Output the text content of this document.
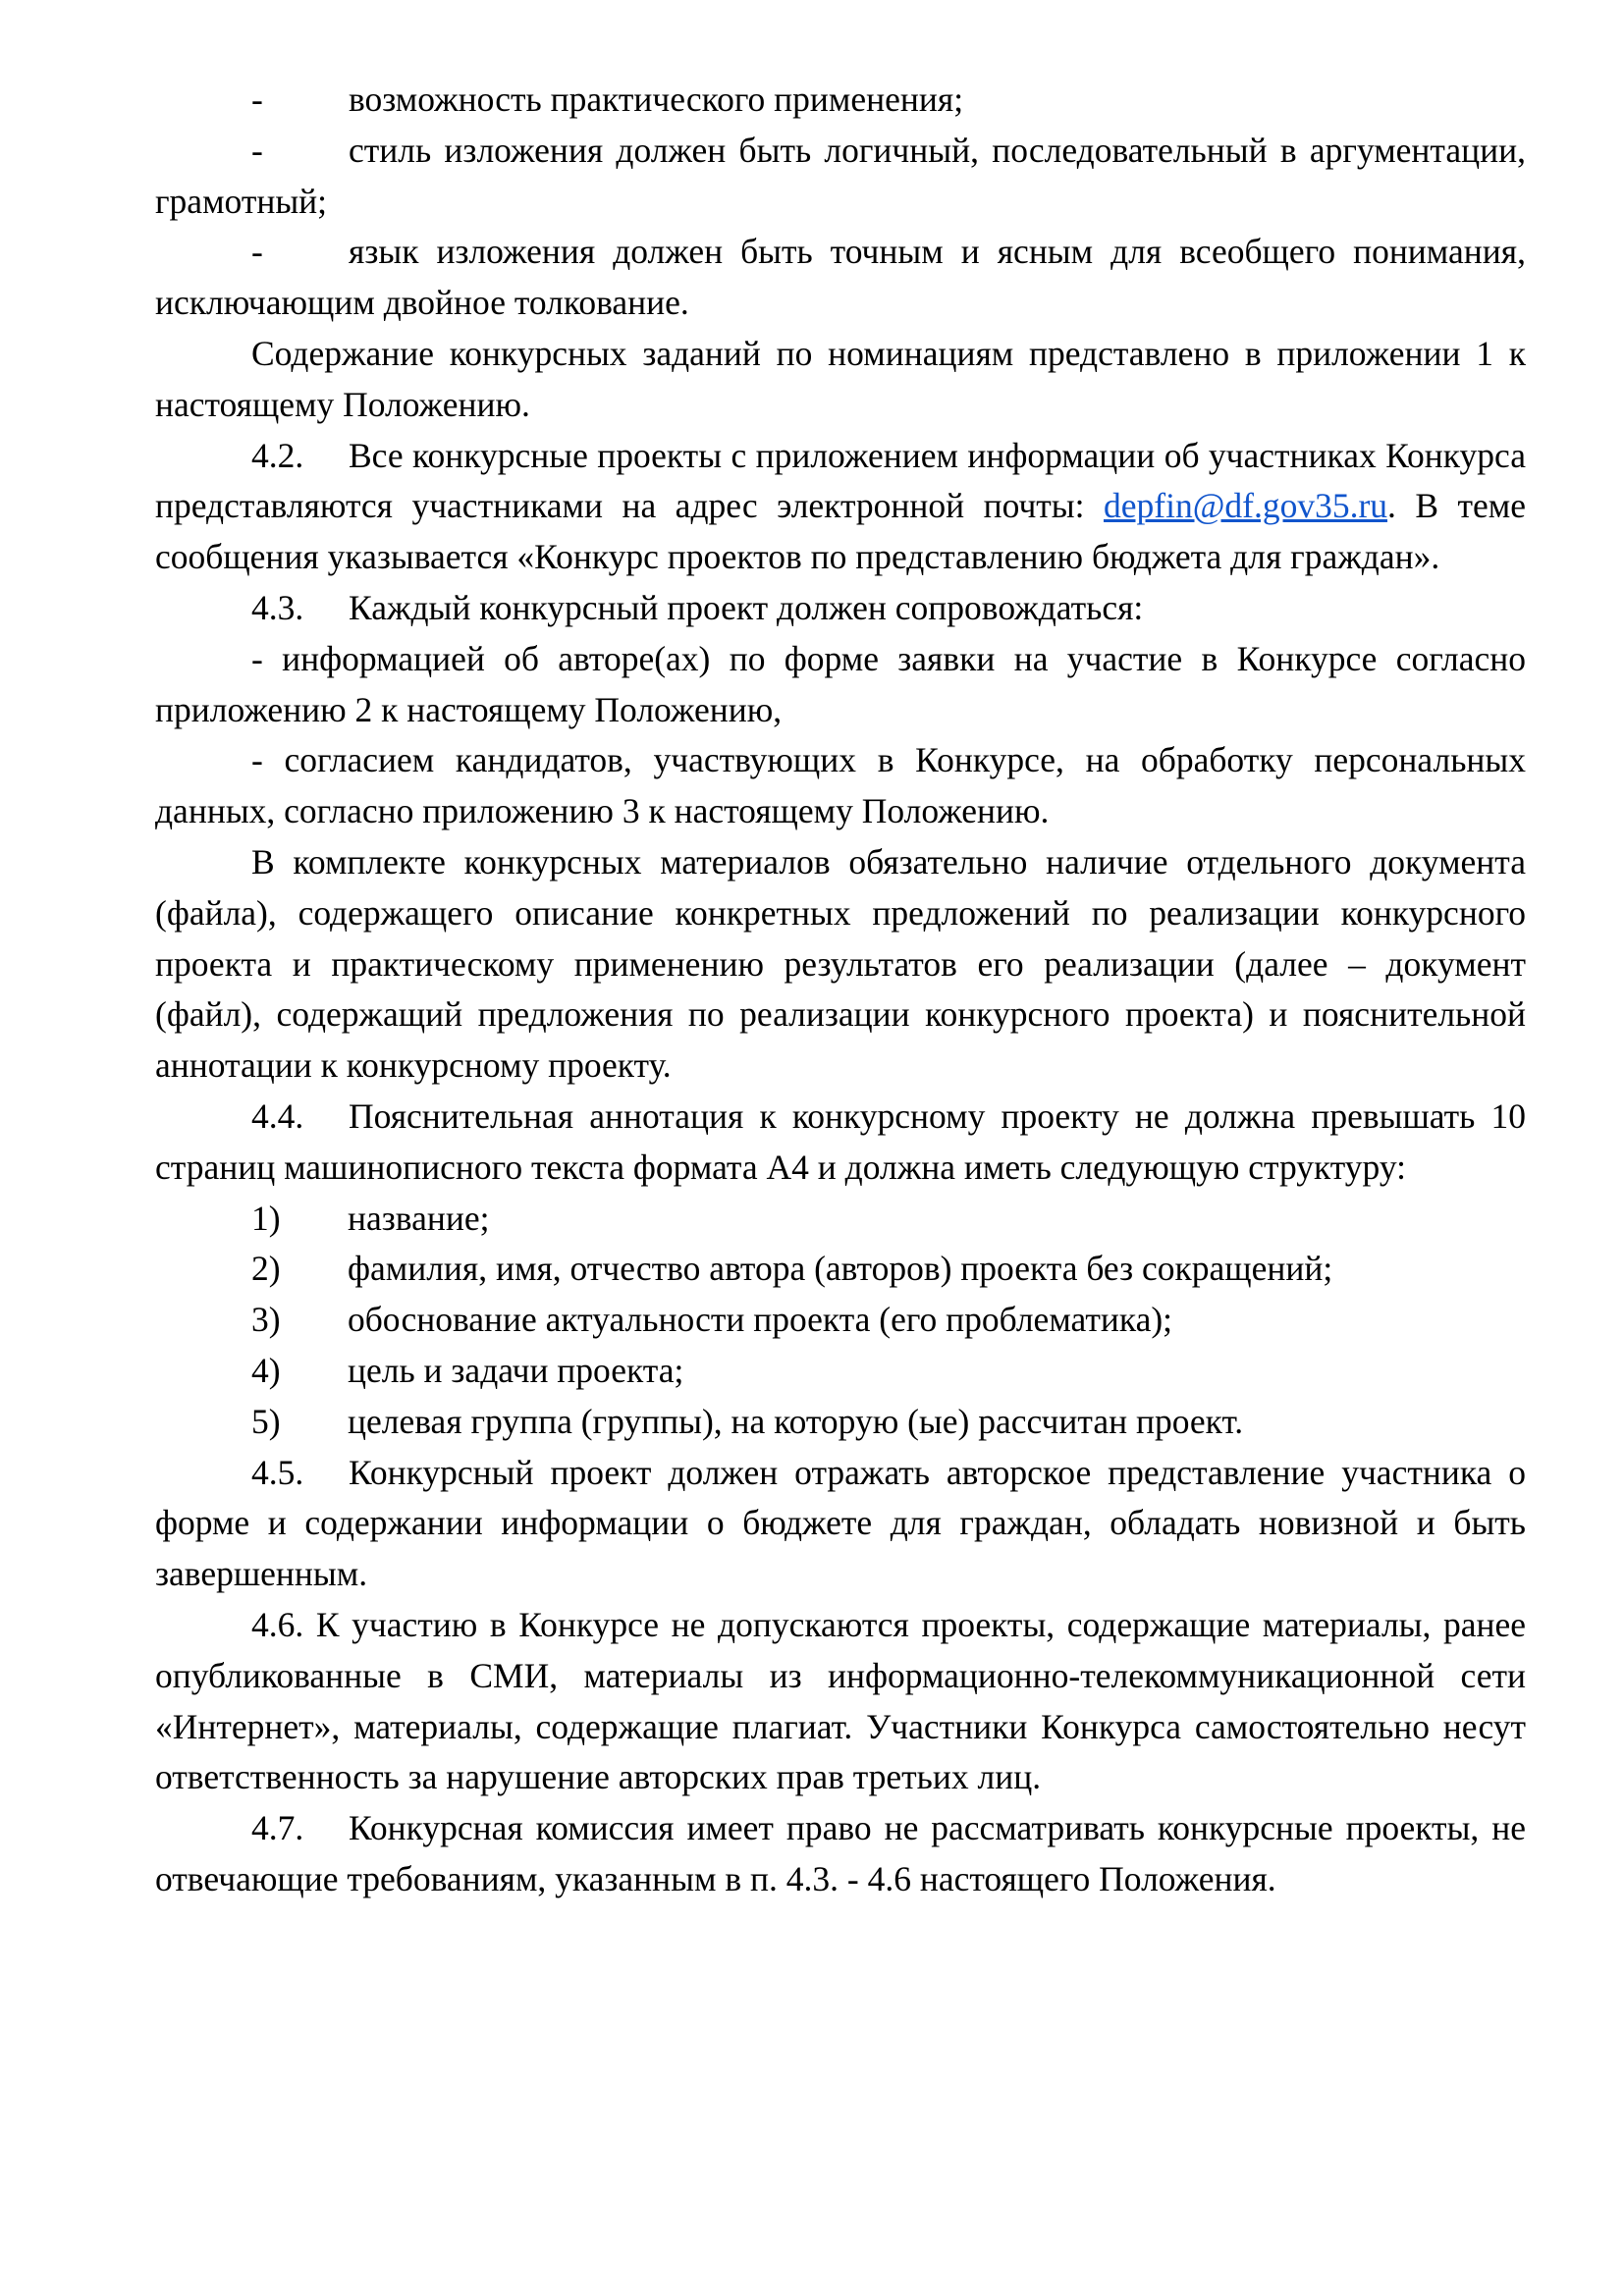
- возможность практического применения;

- стиль изложения должен быть логичный, последовательный в аргументации, грамотный;

- язык изложения должен быть точным и ясным для всеобщего понимания, исключающим двойное толкование.

Содержание конкурсных заданий по номинациям представлено в приложении 1 к настоящему Положению.

4.2. Все конкурсные проекты с приложением информации об участниках Конкурса представляются участниками на адрес электронной почты: depfin@df.gov35.ru. В теме сообщения указывается «Конкурс проектов по представлению бюджета для граждан».

4.3. Каждый конкурсный проект должен сопровождаться:

- информацией об авторе(ах) по форме заявки на участие в Конкурсе согласно приложению 2 к настоящему Положению,

- согласием кандидатов, участвующих в Конкурсе, на обработку персональных данных, согласно приложению 3 к настоящему Положению.

В комплекте конкурсных материалов обязательно наличие отдельного документа (файла), содержащего описание конкретных предложений по реализации конкурсного проекта и практическому применению результатов его реализации (далее – документ (файл), содержащий предложения по реализации конкурсного проекта) и пояснительной аннотации к конкурсному проекту.

4.4. Пояснительная аннотация к конкурсному проекту не должна превышать 10 страниц машинописного текста формата А4 и должна иметь следующую структуру:

1) название;

2) фамилия, имя, отчество автора (авторов) проекта без сокращений;

3) обоснование актуальности проекта (его проблематика);

4) цель и задачи проекта;

5) целевая группа (группы), на которую (ые) рассчитан проект.

4.5. Конкурсный проект должен отражать авторское представление участника о форме и содержании информации о бюджете для граждан, обладать новизной и быть завершенным.

4.6. К участию в Конкурсе не допускаются проекты, содержащие материалы, ранее опубликованные в СМИ, материалы из информационно-телекоммуникационной сети «Интернет», материалы, содержащие плагиат. Участники Конкурса самостоятельно несут ответственность за нарушение авторских прав третьих лиц.

4.7. Конкурсная комиссия имеет право не рассматривать конкурсные проекты, не отвечающие требованиям, указанным в п. 4.3. - 4.6 настоящего Положения.
